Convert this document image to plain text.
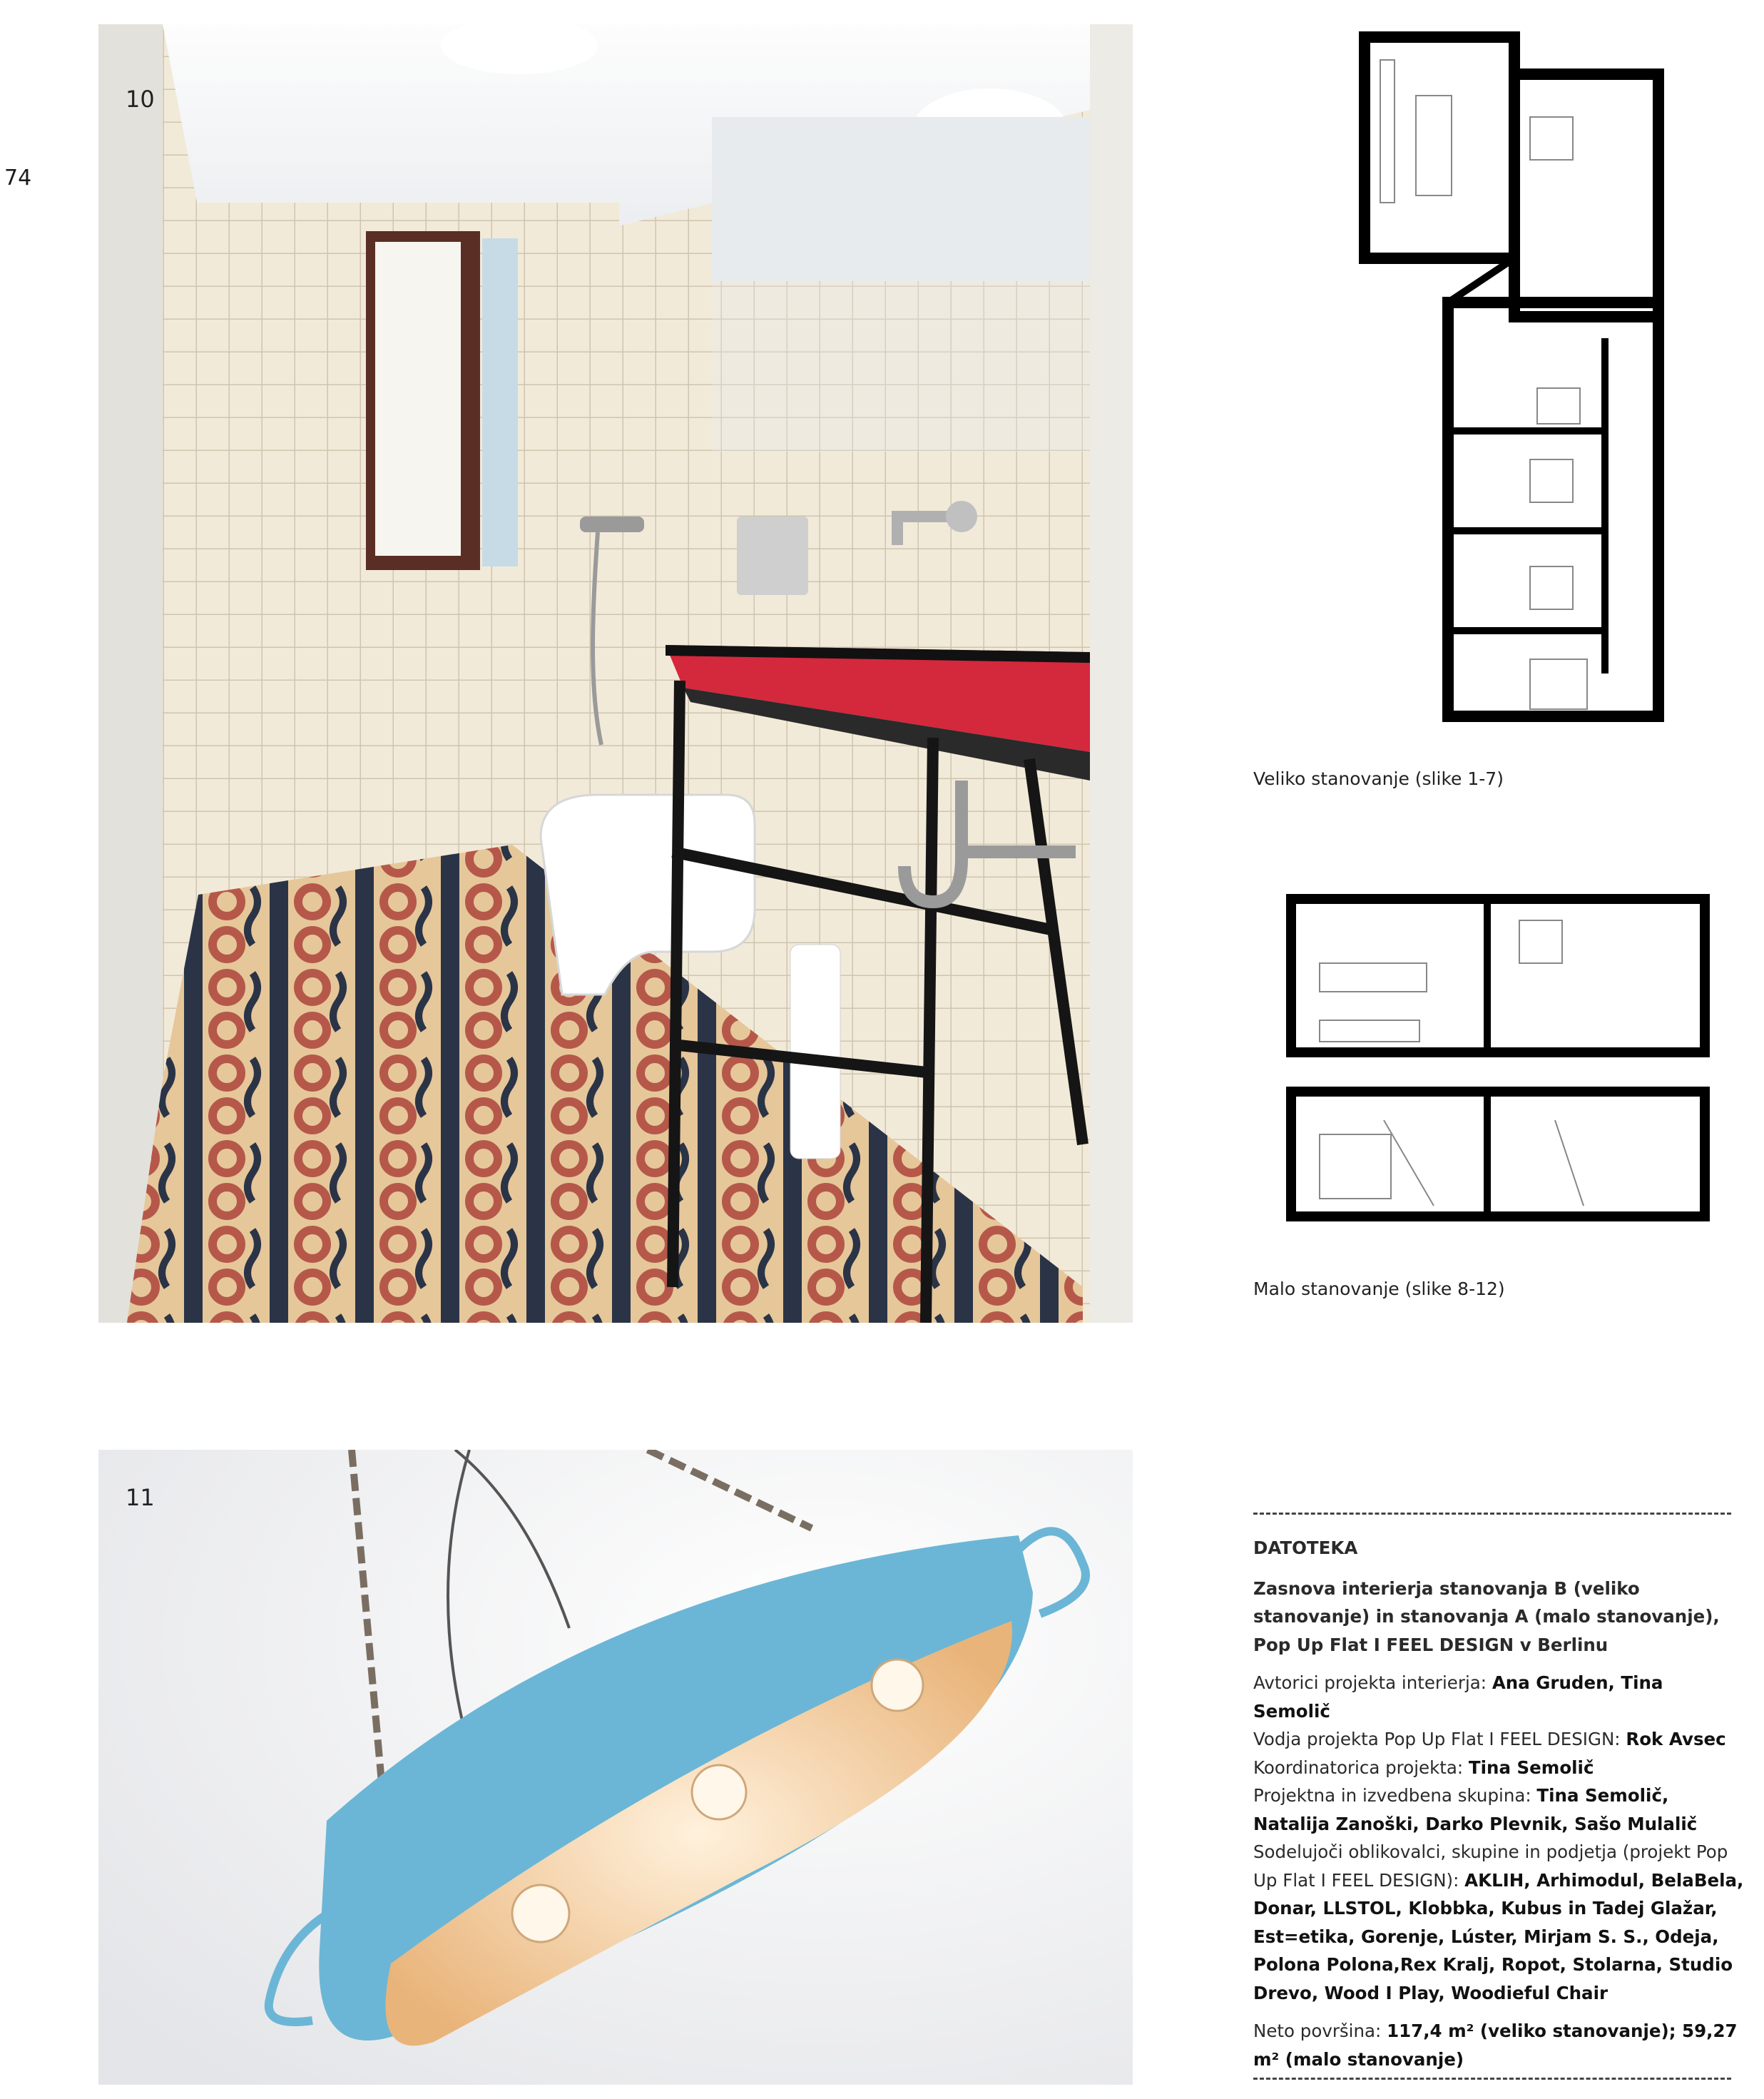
74
10
11
Veliko stanovanje (slike 1-7)
Malo stanovanje (slike 8-12)
DATOTEKA
Zasnova interierja stanovanja B (veliko stanovanje) in stanovanja A (malo stanovanje), Pop Up Flat I FEEL DESIGN v Berlinu
Avtorici projekta interierja: Ana Gruden, Tina Semolič
Vodja projekta Pop Up Flat I FEEL DESIGN: Rok Avsec
Koordinatorica projekta: Tina Semolič
Projektna in izvedbena skupina: Tina Semolič, Natalija Zanoški, Darko Plevnik, Sašo Mulalič
Sodelujoči oblikovalci, skupine in podjetja (projekt Pop Up Flat I FEEL DESIGN): AKLIH, Arhimodul, BelaBela, Donar, LLSTOL, Klobbka, Kubus in Tadej Glažar, Est=etika, Gorenje, Lúster, Mirjam S. S., Odeja, Polona Polona,Rex Kralj, Ropot, Stolarna, Studio Drevo, Wood I Play, Woodieful Chair
Neto površina: 117,4 m² (veliko stanovanje); 59,27 m² (malo stanovanje)
